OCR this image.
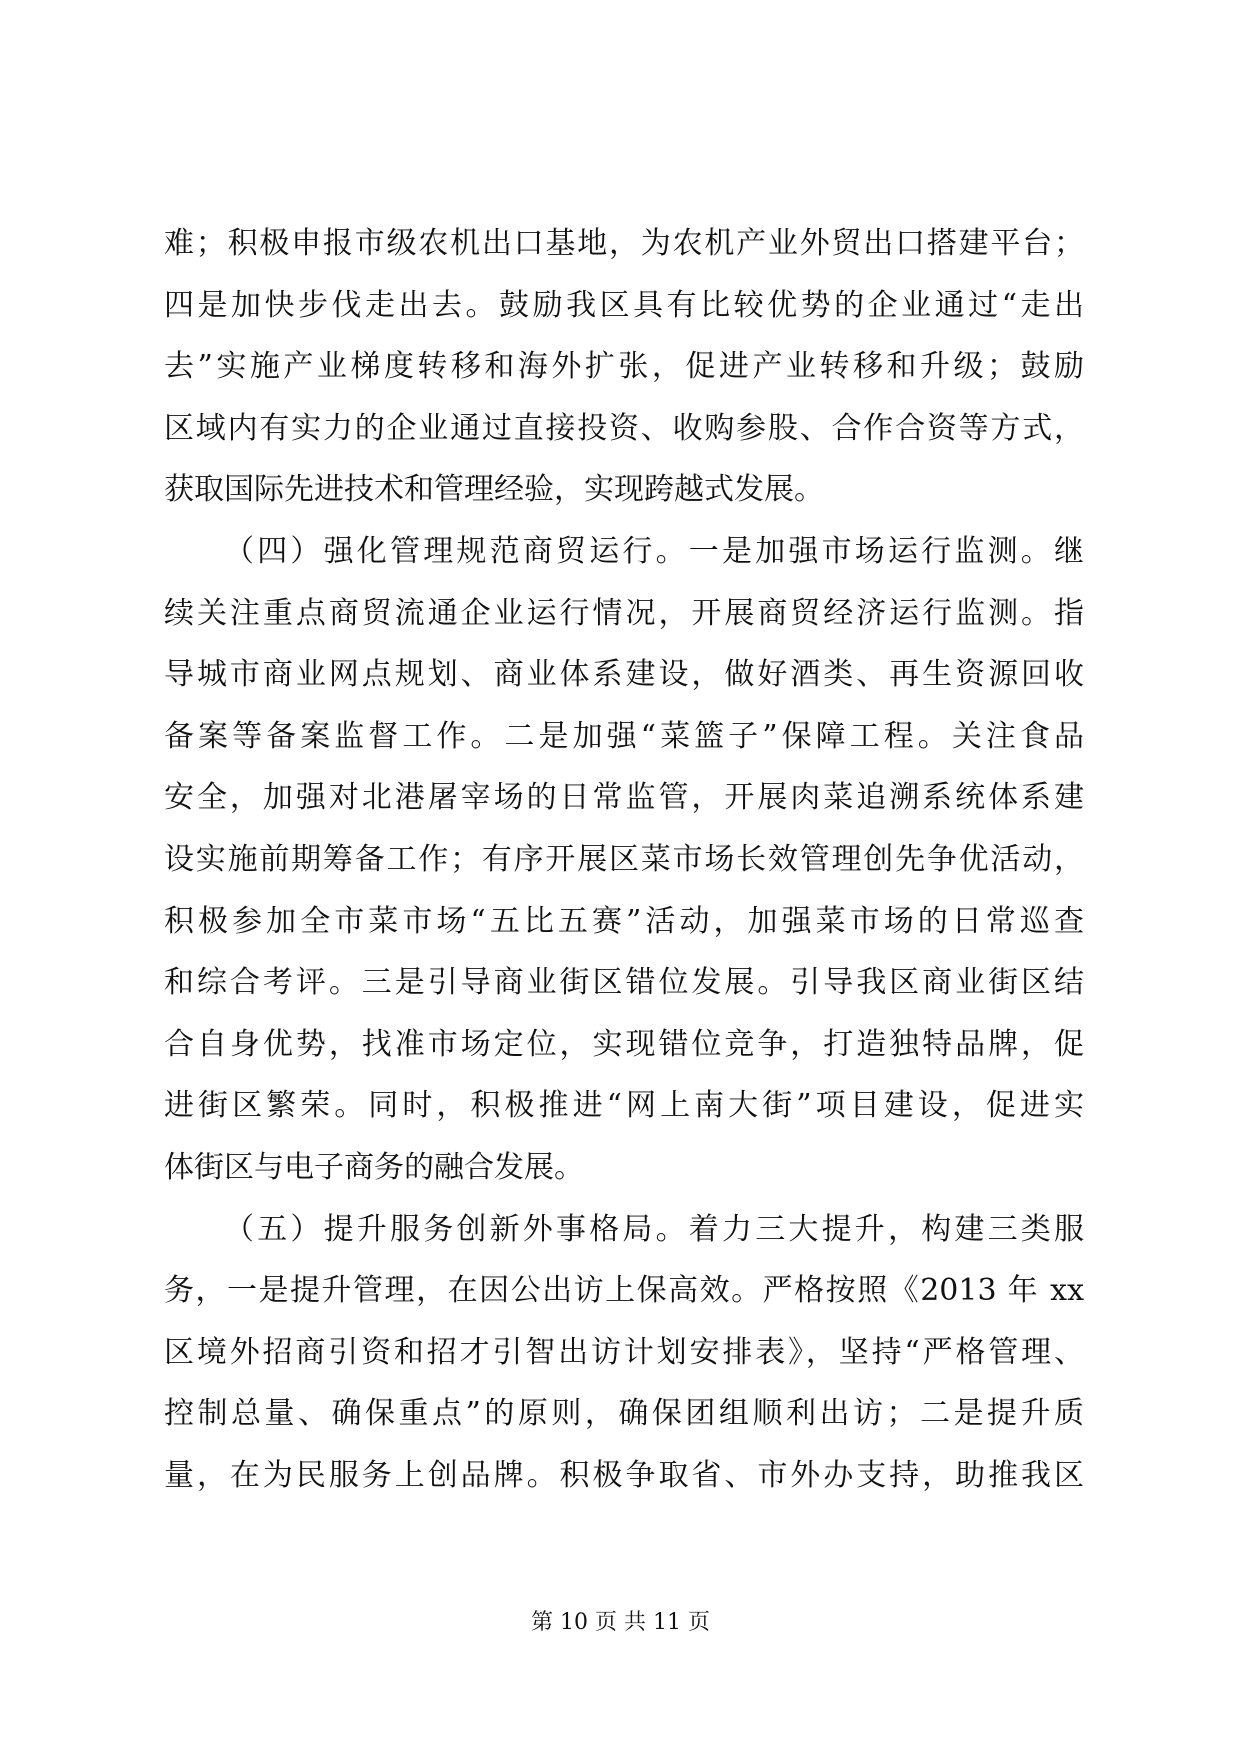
难；积极申报市级农机出口基地，为农机产业外贸出口搭建平台；
四是加快步伐走出去。鼓励我区具有比较优势的企业通过“走出
去”实施产业梯度转移和海外扩张，促进产业转移和升级；鼓励
区域内有实力的企业通过直接投资、收购参股、合作合资等方式，
获取国际先进技术和管理经验，实现跨越式发展。
（四）强化管理规范商贸运行。一是加强市场运行监测。继
续关注重点商贸流通企业运行情况，开展商贸经济运行监测。指
导城市商业网点规划、商业体系建设，做好酒类、再生资源回收
备案等备案监督工作。二是加强“菜篮子”保障工程。关注食品
安全，加强对北港屠宰场的日常监管，开展肉菜追溯系统体系建
设实施前期筹备工作；有序开展区菜市场长效管理创先争优活动，
积极参加全市菜市场“五比五赛”活动，加强菜市场的日常巡查
和综合考评。三是引导商业街区错位发展。引导我区商业街区结
合自身优势，找准市场定位，实现错位竞争，打造独特品牌，促
进街区繁荣。同时，积极推进“网上南大街”项目建设，促进实
体街区与电子商务的融合发展。
（五）提升服务创新外事格局。着力三大提升，构建三类服
务，一是提升管理，在因公出访上保高效。严格按照《2013 年 xx
区境外招商引资和招才引智出访计划安排表》，坚持“严格管理、
控制总量、确保重点”的原则，确保团组顺利出访；二是提升质
量，在为民服务上创品牌。积极争取省、市外办支持，助推我区
第 10 页 共 11 页
